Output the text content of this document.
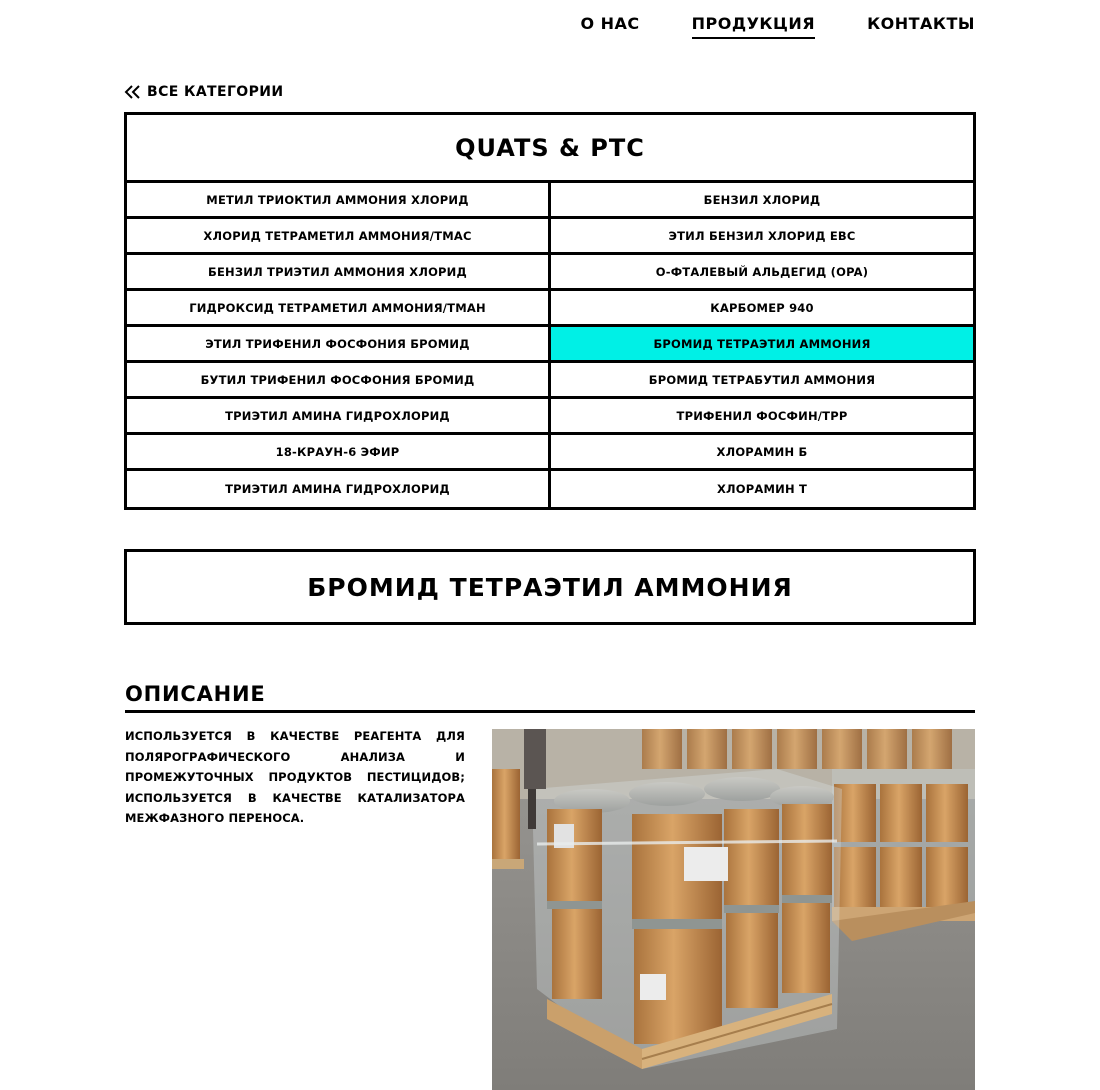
О НАС	ПРОДУКЦИЯ	КОНТАКТЫ
ВСЕ КАТЕГОРИИ
QUATS & PTC
МЕТИЛ ТРИОКТИЛ АММОНИЯ ХЛОРИД	БЕНЗИЛ ХЛОРИД
ХЛОРИД ТЕТРАМЕТИЛ АММОНИЯ/TMAC	ЭТИЛ БЕНЗИЛ ХЛОРИД EBC
БЕНЗИЛ ТРИЭТИЛ АММОНИЯ ХЛОРИД	О-ФТАЛЕВЫЙ АЛЬДЕГИД (OPA)
ГИДРОКСИД ТЕТРАМЕТИЛ АММОНИЯ/TMAH	КАРБОМЕР 940
ЭТИЛ ТРИФЕНИЛ ФОСФОНИЯ БРОМИД	БРОМИД ТЕТРАЭТИЛ АММОНИЯ
БУТИЛ ТРИФЕНИЛ ФОСФОНИЯ БРОМИД	БРОМИД ТЕТРАБУТИЛ АММОНИЯ
ТРИЭТИЛ АМИНА ГИДРОХЛОРИД	ТРИФЕНИЛ ФОСФИН/TPP
18-КРАУН-6 ЭФИР	ХЛОРАМИН Б
ТРИЭТИЛ АМИНА ГИДРОХЛОРИД	ХЛОРАМИН Т
БРОМИД ТЕТРАЭТИЛ АММОНИЯ
ОПИСАНИЕ
ИСПОЛЬЗУЕТСЯ В КАЧЕСТВЕ РЕАГЕНТА ДЛЯ ПОЛЯРОГРАФИЧЕСКОГО АНАЛИЗА И ПРОМЕЖУТОЧНЫХ ПРОДУКТОВ ПЕСТИЦИДОВ; ИСПОЛЬЗУЕТСЯ В КАЧЕСТВЕ КАТАЛИЗАТОРА МЕЖФАЗНОГО ПЕРЕНОСА.
